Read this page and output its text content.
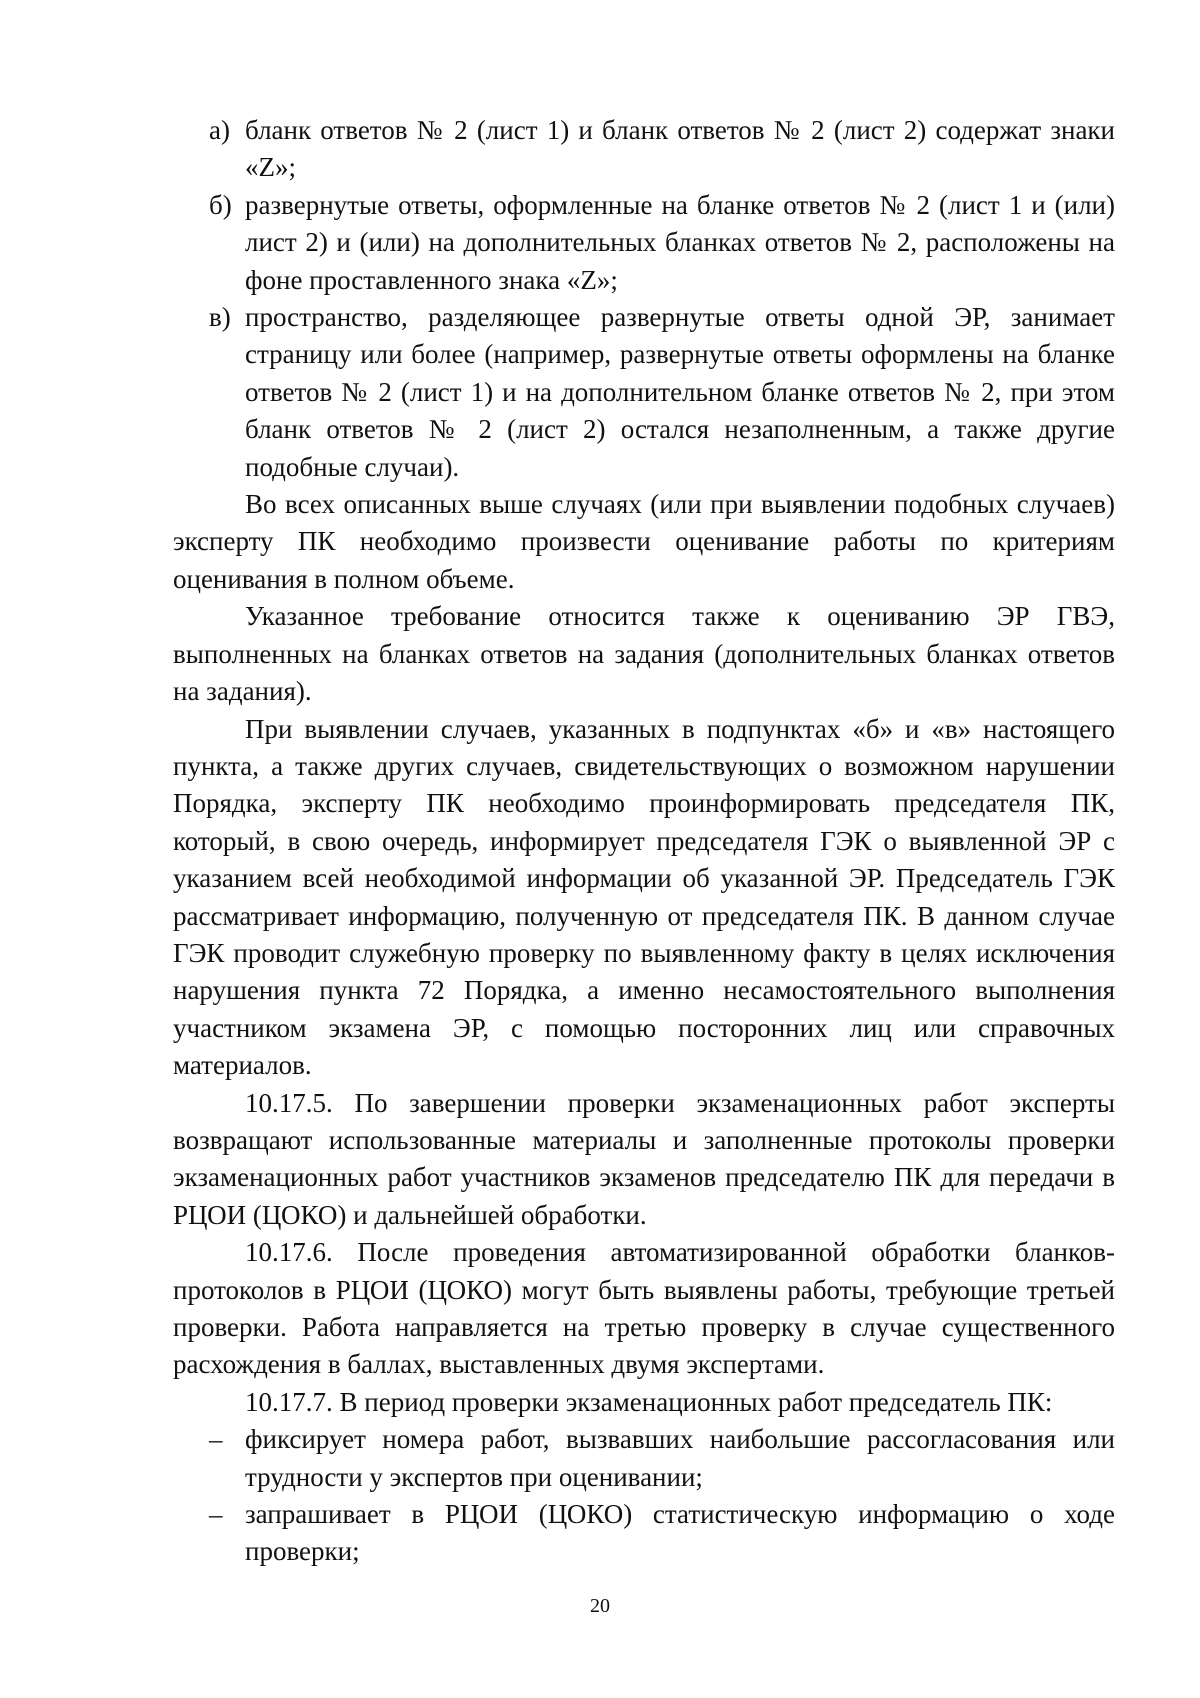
а) бланк ответов № 2 (лист 1) и бланк ответов № 2 (лист 2) содержат знаки «Z»;
б) развернутые ответы, оформленные на бланке ответов № 2 (лист 1 и (или) лист 2) и (или) на дополнительных бланках ответов № 2, расположены на фоне проставленного знака «Z»;
в) пространство, разделяющее развернутые ответы одной ЭР, занимает страницу или более (например, развернутые ответы оформлены на бланке ответов № 2 (лист 1) и на дополнительном бланке ответов № 2, при этом бланк ответов № 2 (лист 2) остался незаполненным, а также другие подобные случаи).

Во всех описанных выше случаях (или при выявлении подобных случаев) эксперту ПК необходимо произвести оценивание работы по критериям оценивания в полном объеме.

Указанное требование относится также к оцениванию ЭР ГВЭ, выполненных на бланках ответов на задания (дополнительных бланках ответов на задания).

При выявлении случаев, указанных в подпунктах «б» и «в» настоящего пункта, а также других случаев, свидетельствующих о возможном нарушении Порядка, эксперту ПК необходимо проинформировать председателя ПК, который, в свою очередь, информирует председателя ГЭК о выявленной ЭР с указанием всей необходимой информации об указанной ЭР. Председатель ГЭК рассматривает информацию, полученную от председателя ПК. В данном случае ГЭК проводит служебную проверку по выявленному факту в целях исключения нарушения пункта 72 Порядка, а именно несамостоятельного выполнения участником экзамена ЭР, с помощью посторонних лиц или справочных материалов.

10.17.5. По завершении проверки экзаменационных работ эксперты возвращают использованные материалы и заполненные протоколы проверки экзаменационных работ участников экзаменов председателю ПК для передачи в РЦОИ (ЦОКО) и дальнейшей обработки.

10.17.6. После проведения автоматизированной обработки бланков-протоколов в РЦОИ (ЦОКО) могут быть выявлены работы, требующие третьей проверки. Работа направляется на третью проверку в случае существенного расхождения в баллах, выставленных двумя экспертами.

10.17.7. В период проверки экзаменационных работ председатель ПК:

– фиксирует номера работ, вызвавших наибольшие рассогласования или трудности у экспертов при оценивании;
– запрашивает в РЦОИ (ЦОКО) статистическую информацию о ходе проверки;
20
